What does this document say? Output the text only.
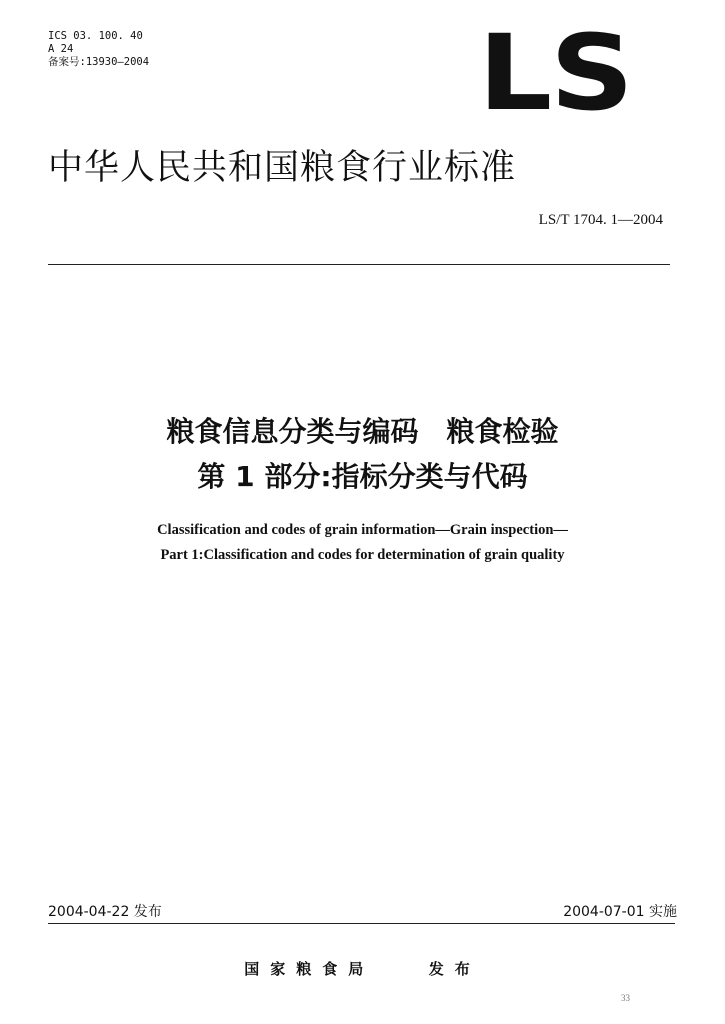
ICS 03. 100. 40
A 24
备案号:13930—2004	LS
中华人民共和国粮食行业标准
LS/T 1704. 1—2004
粮食信息分类与编码　粮食检验
第 1 部分:指标分类与代码
Classification and codes of grain information—Grain inspection—
Part 1:Classification and codes for determination of grain quality
2004-04-22 发布	2004-07-01 实施
国家粮食局	发布
33
